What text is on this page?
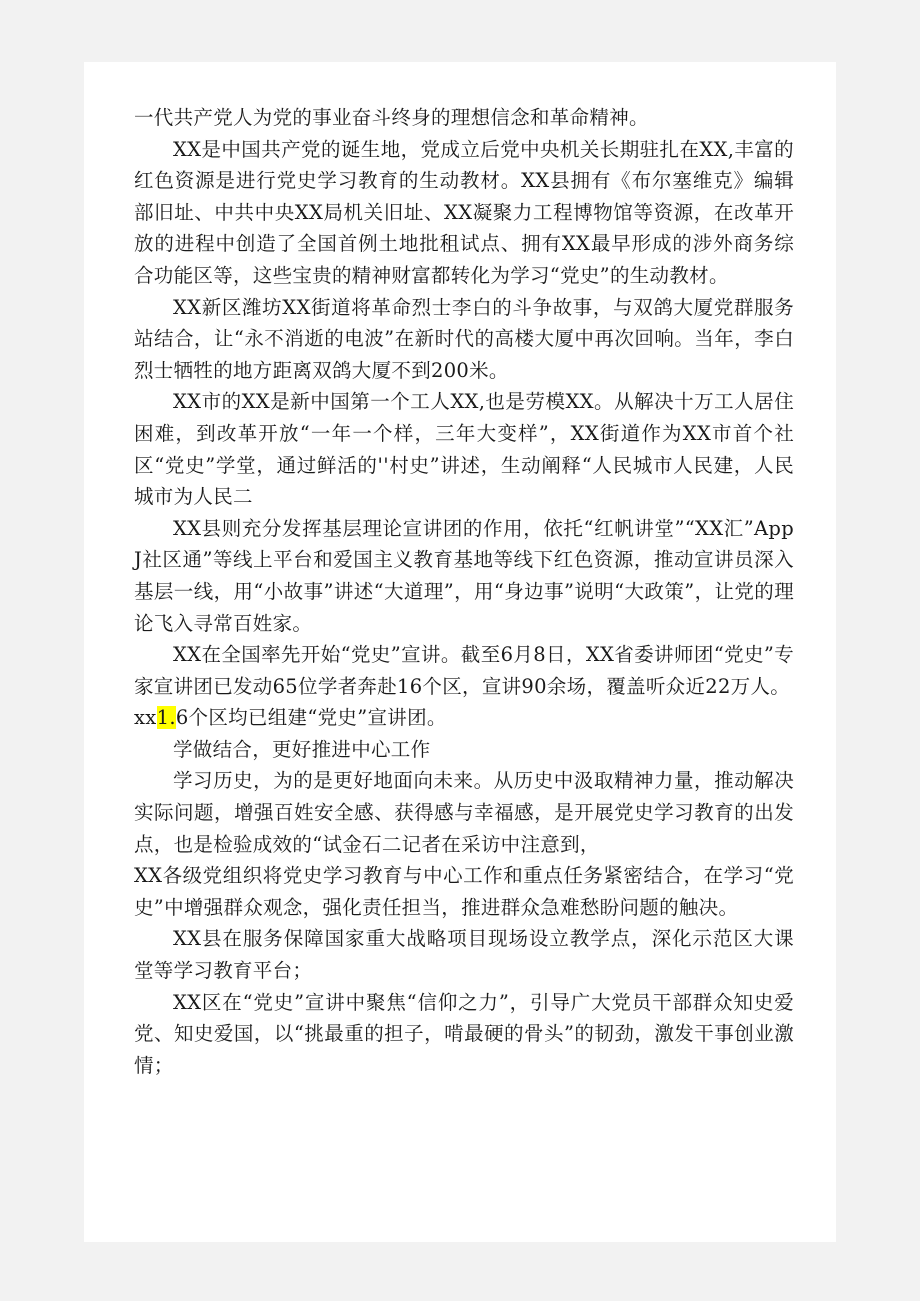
一代共产党人为党的事业奋斗终身的理想信念和革命精神。

XX是中国共产党的诞生地，党成立后党中央机关长期驻扎在XX,丰富的红色资源是进行党史学习教育的生动教材。XX县拥有《布尔塞维克》编辑部旧址、中共中央XX局机关旧址、XX凝聚力工程博物馆等资源，在改革开放的进程中创造了全国首例土地批租试点、拥有XX最早形成的涉外商务综合功能区等，这些宝贵的精神财富都转化为学习“党史”的生动教材。

XX新区潍坊XX街道将革命烈士李白的斗争故事，与双鸽大厦党群服务站结合，让“永不消逝的电波”在新时代的高楼大厦中再次回响。当年，李白烈士牺牲的地方距离双鸽大厦不到200米。

XX市的XX是新中国第一个工人XX,也是劳模XX。从解决十万工人居住困难，到改革开放“一年一个样，三年大变样”，XX街道作为XX市首个社区“党史”学堂，通过鲜活的''村史”讲述，生动阐释“人民城市人民建，人民城市为人民二

XX县则充分发挥基层理论宣讲团的作用，依托“红帆讲堂”“XX汇”App J社区通”等线上平台和爱国主义教育基地等线下红色资源，推动宣讲员深入基层一线，用“小故事”讲述“大道理”，用“身边事”说明“大政策”，让党的理论飞入寻常百姓家。

XX在全国率先开始“党史”宣讲。截至6月8日，XX省委讲师团“党史”专家宣讲团已发动65位学者奔赴16个区，宣讲90余场，覆盖听众近22万人。

xx1.6个区均已组建“党史”宣讲团。

学做结合，更好推进中心工作

学习历史，为的是更好地面向未来。从历史中汲取精神力量，推动解决实际问题，增强百姓安全感、获得感与幸福感，是开展党史学习教育的出发点，也是检验成效的“试金石二记者在采访中注意到，

XX各级党组织将党史学习教育与中心工作和重点任务紧密结合，在学习“党史”中增强群众观念，强化责任担当，推进群众急难愁盼问题的触决。

XX县在服务保障国家重大战略项目现场设立教学点，深化示范区大课堂等学习教育平台；

XX区在“党史”宣讲中聚焦“信仰之力”，引导广大党员干部群众知史爱党、知史爱国，以“挑最重的担子，啃最硬的骨头”的韧劲，激发干事创业激情；
